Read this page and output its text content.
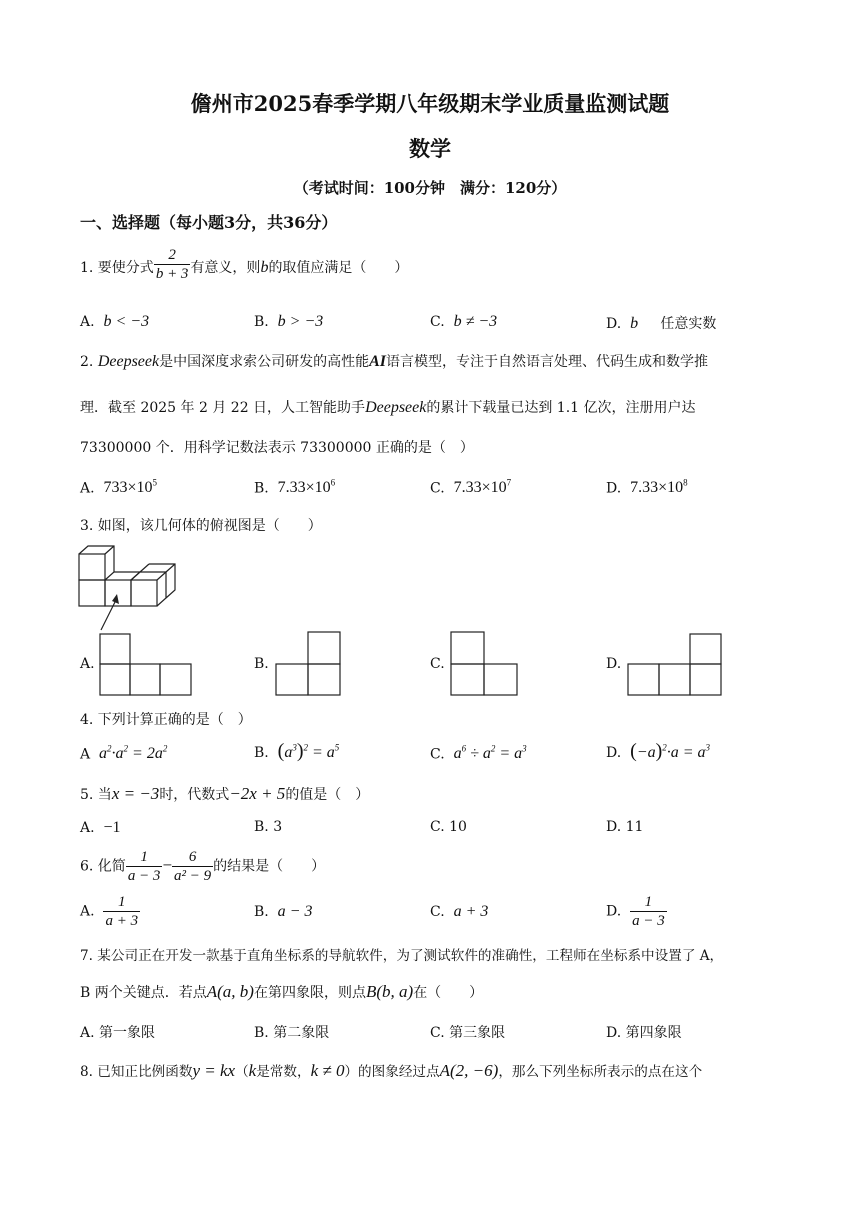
儋州市2025春季学期八年级期末学业质量监测试题
数学
（考试时间：100分钟　满分：120分）
一、选择题（每小题3分，共36分）
1. 要使分式 $\frac{2}{b + 3}$ 有意义，则b的取值应满足（　　）
A. b < −3	B. b > −3	C. b ≠ −3	D. b 任意实数
2. Deepseek是中国深度求索公司研发的高性能AI语言模型，专注于自然语言处理、代码生成和数学推
理．截至 2025 年 2 月 22 日，人工智能助手Deepseek的累计下载量已达到 1.1 亿次，注册用户达
73300000 个．用科学记数法表示 73300000 正确的是（　）
A.  $733\times 10^5$	B.  $7.33\times 10^6$	C.  $7.33\times 10^7$	D.  $7.33\times 10^8$
3. 如图，该几何体的俯视图是（　　）
A.	B.	C.	D.
4. 下列计算正确的是（　）
A $a^2\cdot a^2 = 2a^2$	B. $(a^3)^2 = a^5$	C. $a^6 \div a^2 = a^3$	D. $(-a)^2\cdot a = a^3$
5. 当x = −3时，代数式−2x + 5的值是（　）
A.  −1	B. 3	C. 10	D. 11
6. 化简 $\frac{1}{a - 3} - \frac{6}{\text{a² − 9}}$ 的结果是（　　）
A. $\frac{1}{a + 3}$	B.  a − 3	C.  a + 3	D. $\frac{1}{a - 3}$
7. 某公司正在开发一款基于直角坐标系的导航软件，为了测试软件的准确性，工程师在坐标系中设置了 A，
B 两个关键点．若点A(a, b)在第四象限，则点B(b, a)在（　　）
A. 第一象限	B. 第二象限	C. 第三象限	D. 第四象限
8. 已知正比例函数y = kx（k是常数，k ≠ 0）的图象经过点A(2, −6)，那么下列坐标所表示的点在这个
